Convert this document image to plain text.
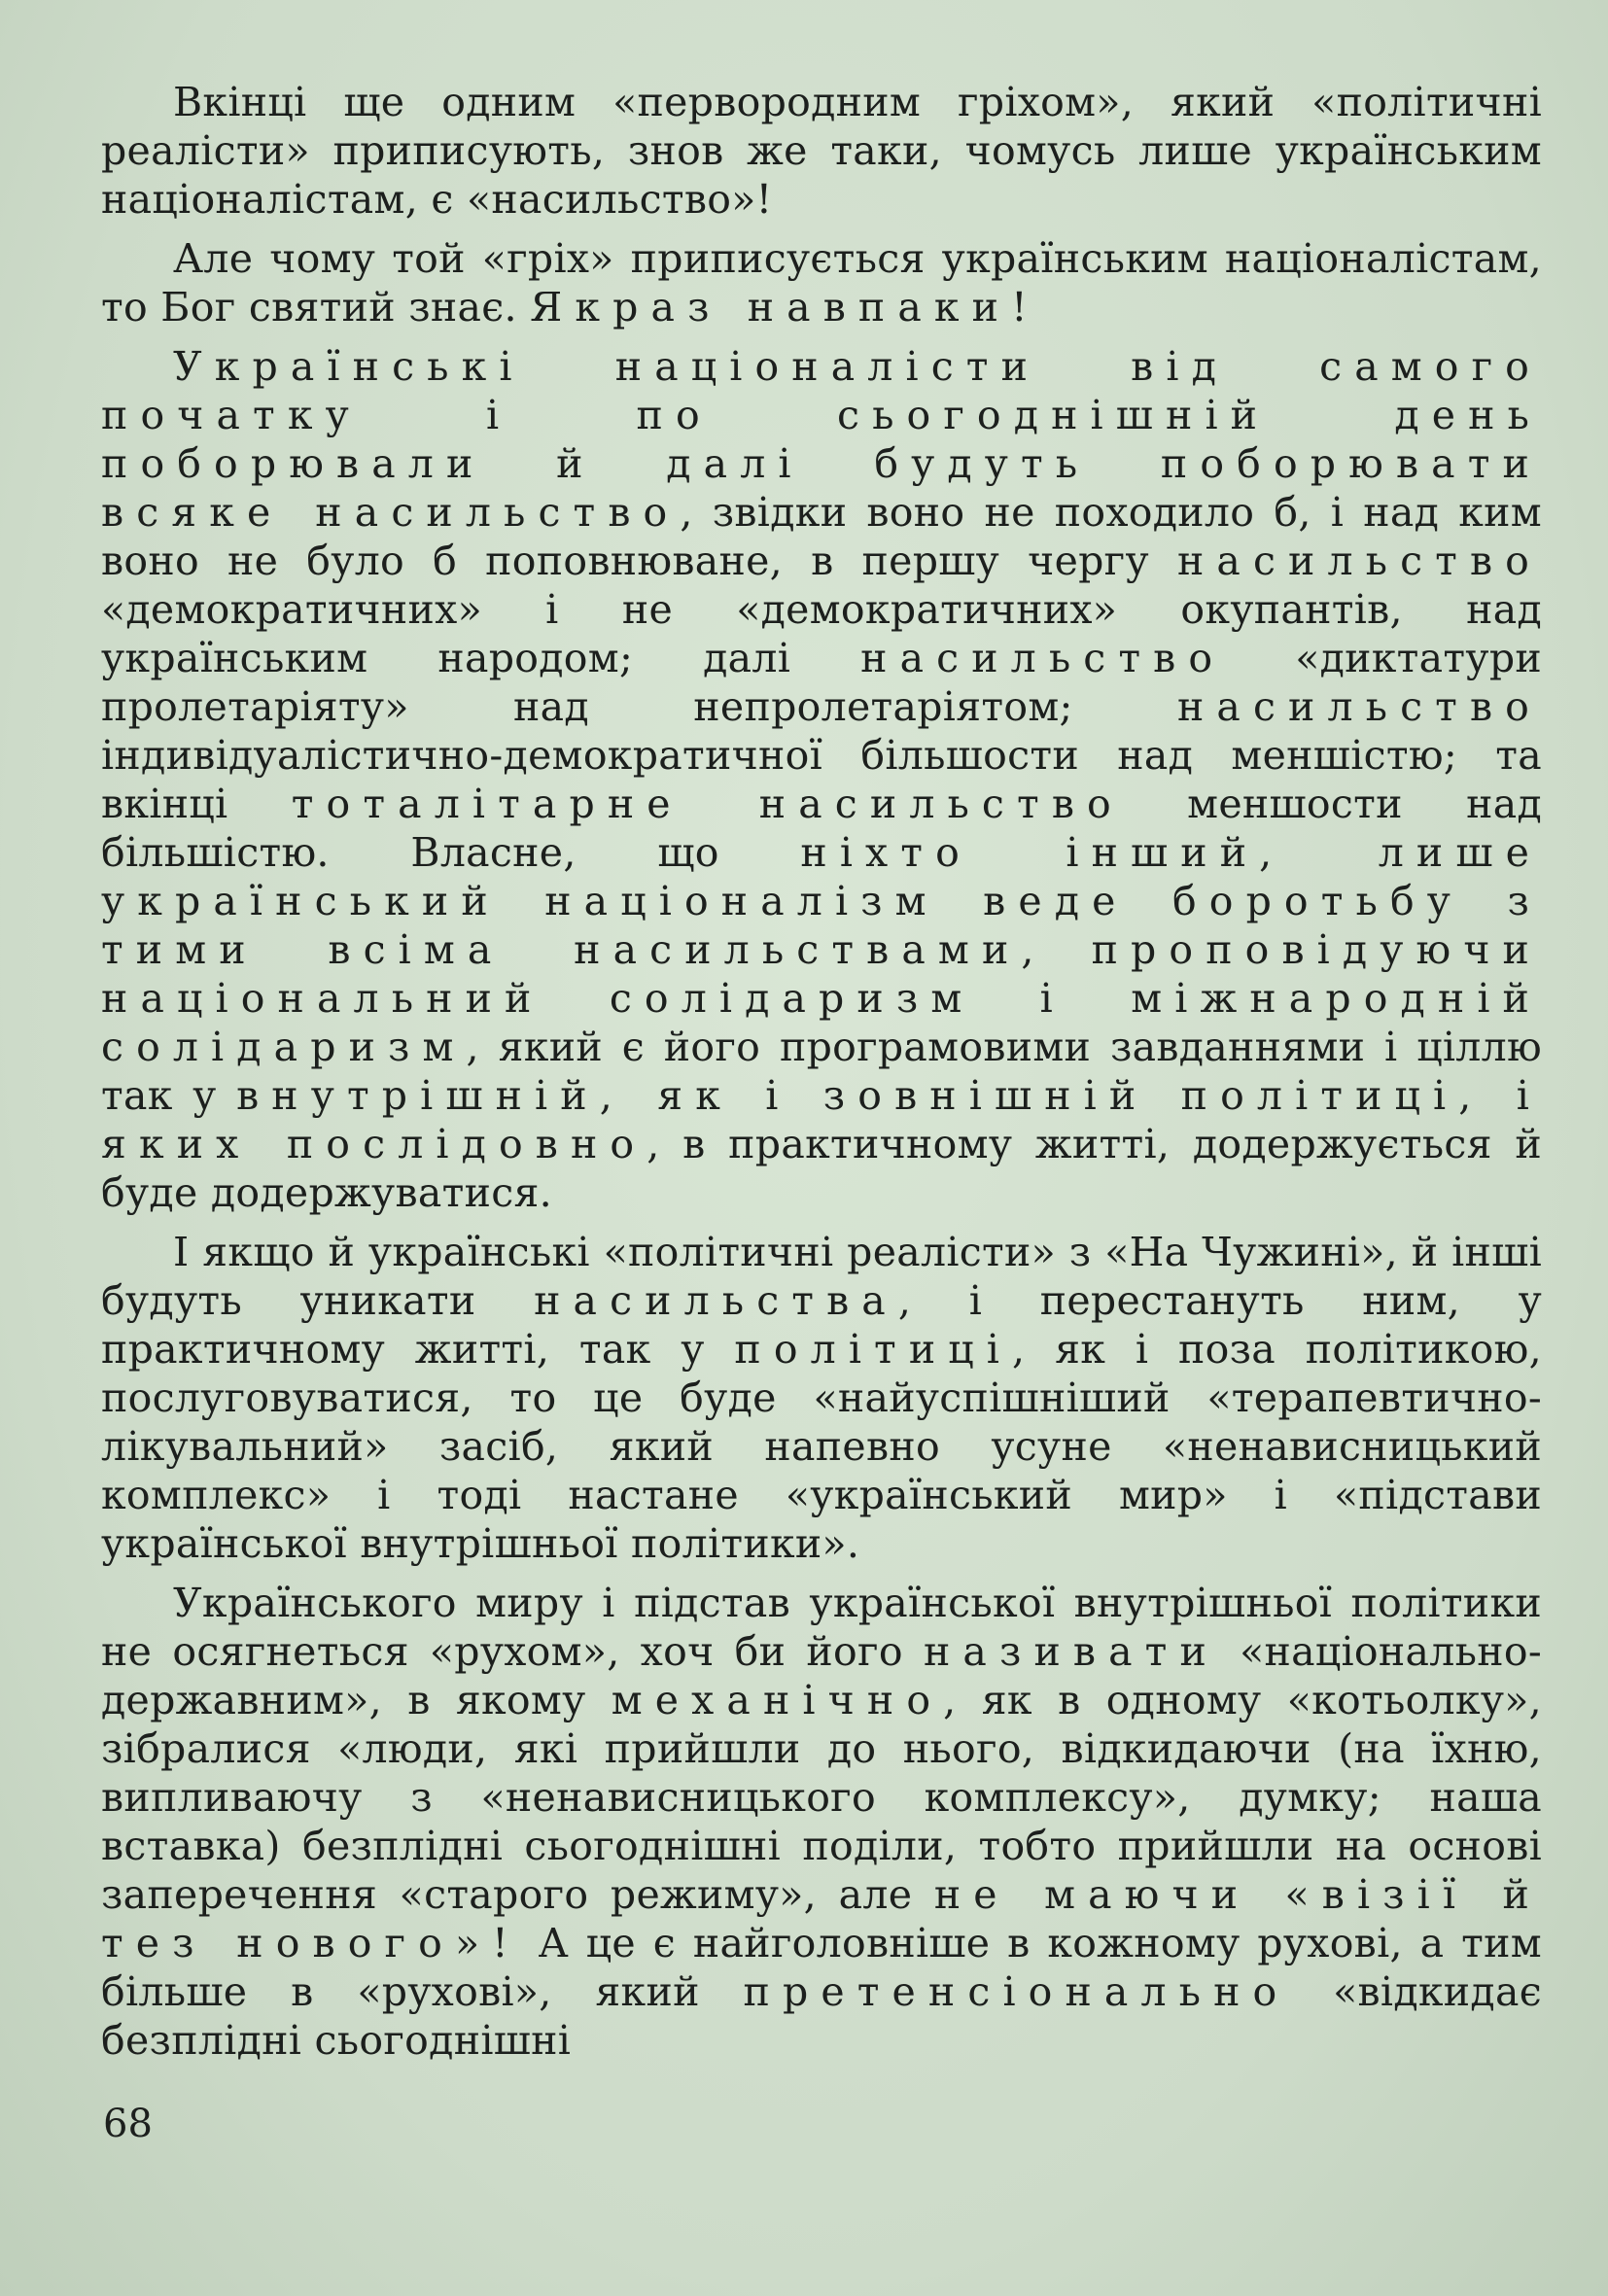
Вкінці ще одним «первородним гріхом», який «політичні реалісти» приписують, знов же таки, чомусь лише українським націоналістам, є «насильство»!

Але чому той «гріх» приписується українським націоналістам, то Бог святий знає. Якраз навпаки!

Українські націоналісти від самого початку і по сьогоднішній день поборювали й далі будуть поборювати всяке насильство, звідки воно не походило б, і над ким воно не було б поповнюване, в першу чергу насильство «демократичних» і не «демократичних» окупантів, над українським народом; далі насильство «диктатури пролетаріяту» над непролетаріятом; насильство індивідуалістично-демократичної більшости над меншістю; та вкінці тоталітарне насильство меншости над більшістю. Власне, що ніхто інший, лише український націоналізм веде боротьбу з тими всіма насильствами, проповідуючи національний солідаризм і міжнародній солідаризм, який є його програмовими завданнями і ціллю так у внутрішній, як і зовнішній політиці, і яких послідовно, в практичному житті, додержується й буде додержуватися.

І якщо й українські «політичні реалісти» з «На Чужині», й інші будуть уникати насильства, і перестануть ним, у практичному житті, так у політиці, як і поза політикою, послуговуватися, то це буде «найуспішніший «терапевтично-лікувальний» засіб, який напевно усуне «ненависницький комплекс» і тоді настане «український мир» і «підстави української внутрішньої політики».

Українського миру і підстав української внутрішньої політики не осягнеться «рухом», хоч би його називати «національно-державним», в якому механічно, як в одному «котьолку», зібралися «люди, які прийшли до нього, відкидаючи (на їхню, випливаючу з «ненависницького комплексу», думку; наша вставка) безплідні сьогоднішні поділи, тобто прийшли на основі заперечення «старого режиму», але не маючи «візії й тез нового»! А це є найголовніше в кожному рухові, а тим більше в «рухові», який претенсіонально «відкидає безплідні сьогоднішні

68
